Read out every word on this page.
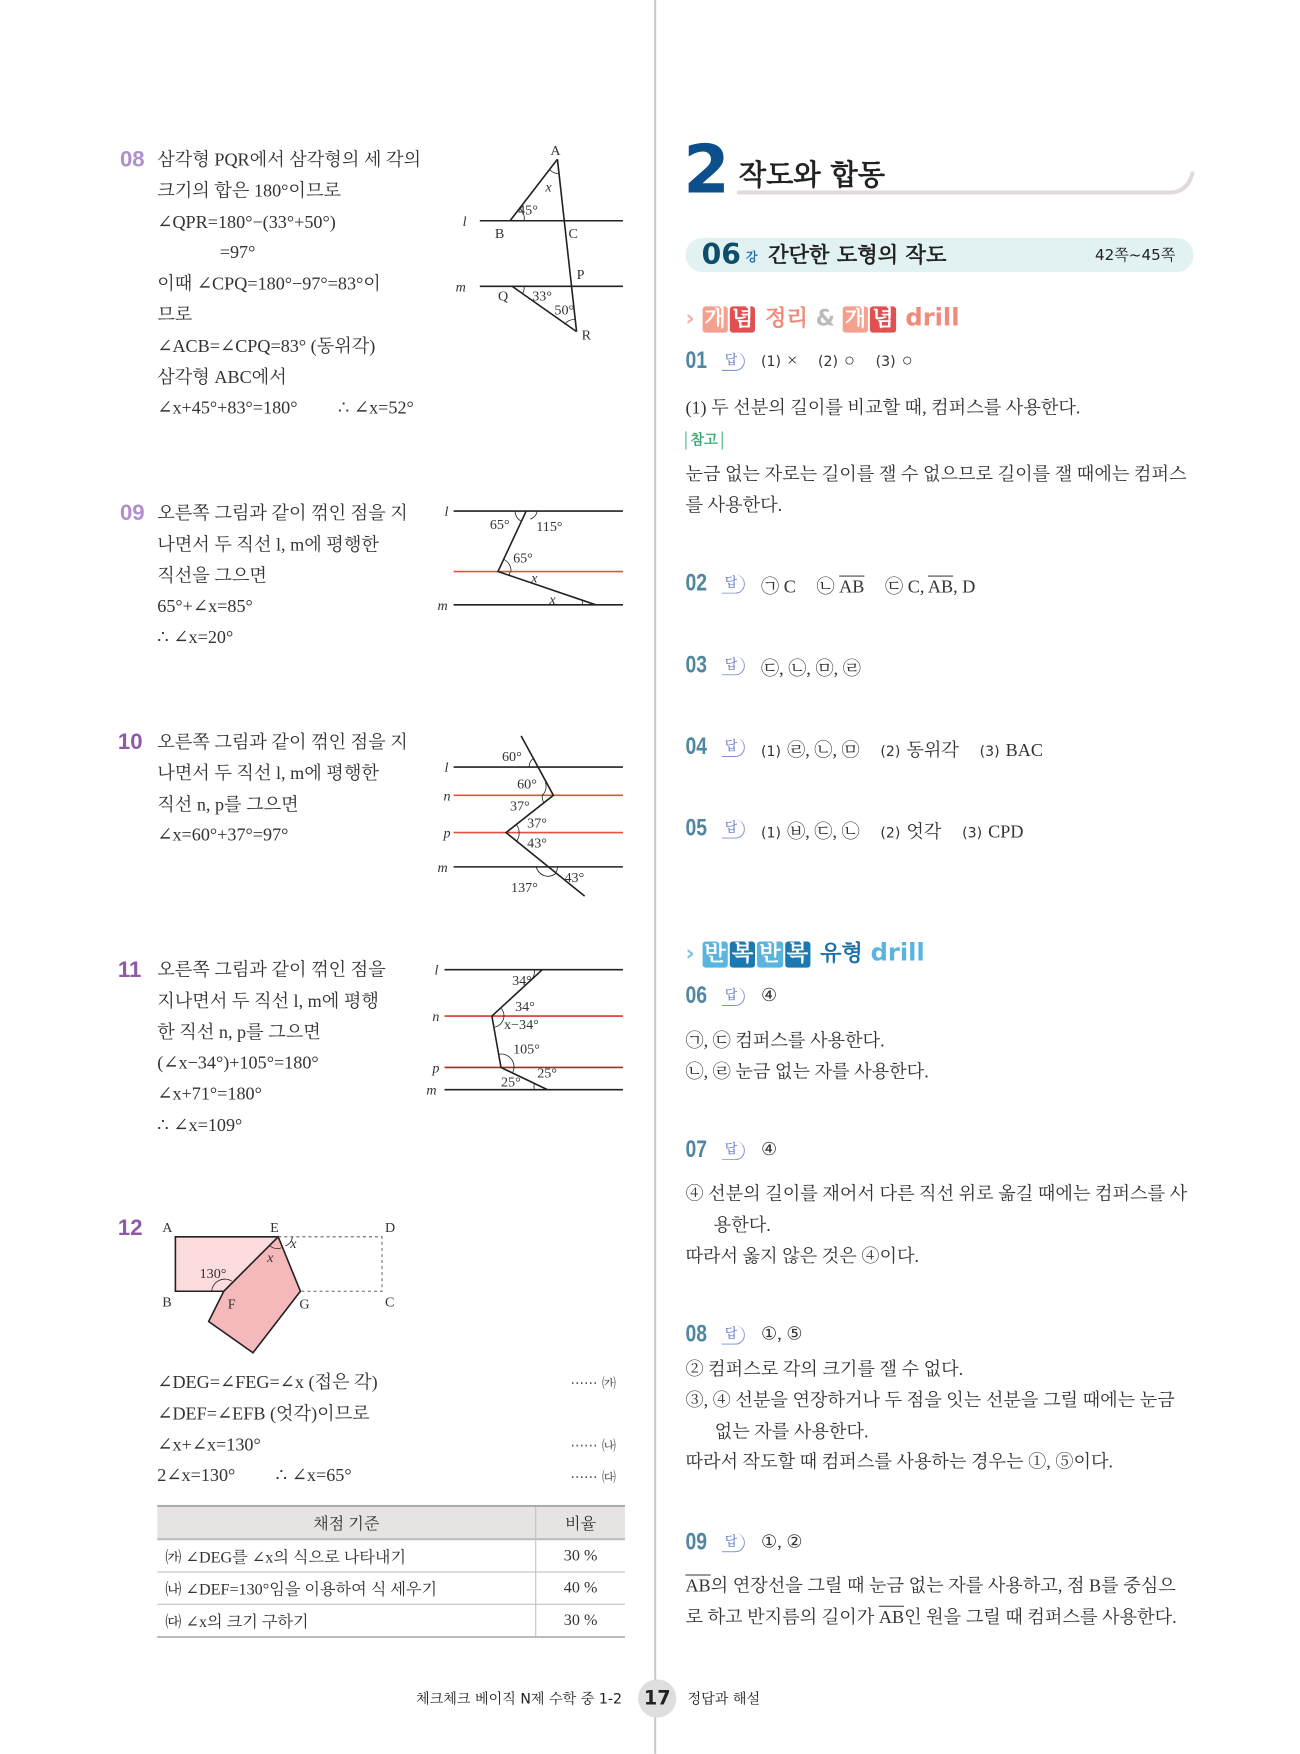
08 삼각형 PQR에서 삼각형의 세 각의
크기의 합은 180°이므로
∠QPR=180°−(33°+50°)
=97°
이때 ∠CPQ=180°−97°=83°이
므로
∠ACB=∠CPQ=83° (동위각)
삼각형 ABC에서
∠x+45°+83°=180° ∴ ∠x=52°
09 오른쪽 그림과 같이 꺾인 점을 지
나면서 두 직선 l, m에 평행한
직선을 그으면
65°+∠x=85°
∴ ∠x=20°
10 오른쪽 그림과 같이 꺾인 점을 지
나면서 두 직선 l, m에 평행한
직선 n, p를 그으면
∠x=60°+37°=97°
11 오른쪽 그림과 같이 꺾인 점을
지나면서 두 직선 l, m에 평행
한 직선 n, p를 그으면
(∠x−34°)+105°=180°
∠x+71°=180°
∴ ∠x=109°
12
∠DEG=∠FEG=∠x (접은 각)
∠DEF=∠EFB (엇각)이므로
∠x+∠x=130°
2∠x=130° ∴ ∠x=65°
······ ㈎
······ ㈏
······ ㈐
채점 기준	비율
㈎ ∠DEG를 ∠x의 식으로 나타내기	30 %
㈏ ∠DEF=130°임을 이용하여 식 세우기	40 %
㈐ ∠x의 크기 구하기	30 %
A
l
B	C
P
Q
R
m
x
45°
33°
50°
l
m
65° 115°
65°
x
x
l
n
p
m
60°
60°
37°
37°
43°
43°
137°
l
n
p
m
34°
34°
x−34°
105°
25°
25°
A	E	D
B	F	G	C
x
x
130°
2 작도와 합동
06 강 간단한 도형의 작도	42쪽~45쪽
› 개 념 정리 & 개 념 drill
01 답	(1) × (2) ○ (3) ○
(1) 두 선분의 길이를 비교할 때, 컴퍼스를 사용한다.
참고
눈금 없는 자로는 길이를 잴 수 없으므로 길이를 잴 때에는 컴퍼스
를 사용한다.
02 답	㉠ C ㉡ $\overline{AB}$ ㉢ C, $\overline{AB}$, D
03 답	㉢, ㉡, ㉤, ㉣
04 답	(1) ㉣, ㉡, ㉤ (2) 동위각 (3) BAC
05 답	(1) ㉥, ㉢, ㉡ (2) 엇각 (3) CPD
› 반 복 반 복 유형 drill
06 답	④
㉠, ㉢ 컴퍼스를 사용한다.
㉡, ㉣ 눈금 없는 자를 사용한다.
07 답	④
④ 선분의 길이를 재어서 다른 직선 위로 옮길 때에는 컴퍼스를 사
용한다.
따라서 옳지 않은 것은 ④이다.
08 답	①, ⑤
② 컴퍼스로 각의 크기를 잴 수 없다.
③, ④ 선분을 연장하거나 두 점을 잇는 선분을 그릴 때에는 눈금
없는 자를 사용한다.
따라서 작도할 때 컴퍼스를 사용하는 경우는 ①, ⑤이다.
09 답	①, ②
$\overline{AB}$의 연장선을 그릴 때 눈금 없는 자를 사용하고, 점 B를 중심으
로 하고 반지름의 길이가 $\overline{AB}$인 원을 그릴 때 컴퍼스를 사용한다.
체크체크 베이직 N제 수학 중 1-2	17	정답과 해설
